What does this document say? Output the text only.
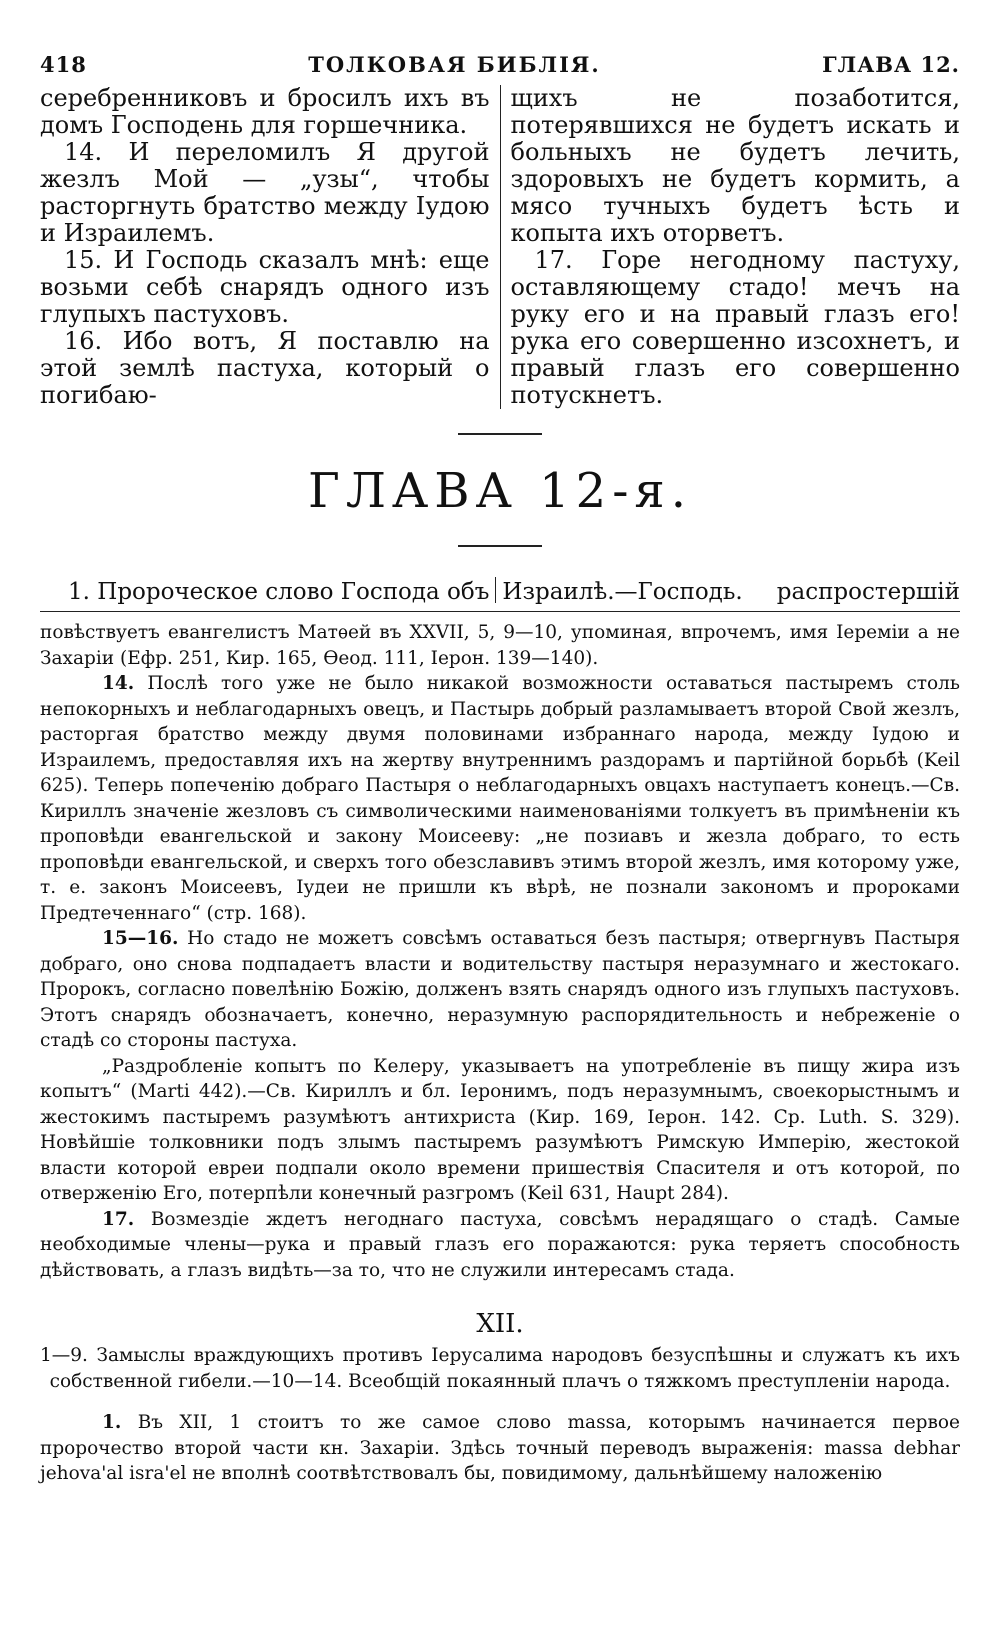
418	ТОЛКОВАЯ БИБЛІЯ.	ГЛАВА 12.

серебренниковъ и бросилъ ихъ въ домъ Господень для горшечника.

14. И переломилъ Я другой жезлъ Мой — „узы“, чтобы расторгнуть братство между Іудою и Израилемъ.

15. И Господь сказалъ мнѣ: еще возьми себѣ снарядъ одного изъ глупыхъ пастуховъ.

16. Ибо вотъ, Я поставлю на этой землѣ пастуха, который о погибаю-

щихъ не позаботится, потерявшихся не будетъ искать и больныхъ не будетъ лечить, здоровыхъ не будетъ кормить, а мясо тучныхъ будетъ ѣсть и копыта ихъ оторветъ.

17. Горе негодному пастуху, оставляющему стадо! мечъ на руку его и на правый глазъ его! рука его совершенно изсохнетъ, и правый глазъ его совершенно потускнетъ.

ГЛАВА 12-я.
1. Пророческое слово Господа объ Израилѣ.—Господь. распростершій

повѣствуетъ евангелистъ Матѳей въ XXVII, 5, 9—10, упоминая, впрочемъ, имя Іереміи а не Захаріи (Ефр. 251, Кир. 165, Ѳеод. 111, Іерон. 139—140).

14. Послѣ того уже не было никакой возможности оставаться пастыремъ столь непокорныхъ и неблагодарныхъ овецъ, и Пастырь добрый разламываетъ второй Свой жезлъ, расторгая братство между двумя половинами избраннаго народа, между Іудою и Израилемъ, предоставляя ихъ на жертву внутреннимъ раздорамъ и партійной борьбѣ (Keil 625). Теперь попеченію добраго Пастыря о неблагодарныхъ овцахъ наступаетъ конецъ.—Св. Кириллъ значеніе жезловъ съ символическими наименованіями толкуетъ въ примѣненіи къ проповѣди евангельской и закону Моисееву: „не позиавъ и жезла добраго, то есть проповѣди евангельской, и сверхъ того обезславивъ этимъ второй жезлъ, имя которому уже, т. е. законъ Моисеевъ, Іудеи не пришли къ вѣрѣ, не познали закономъ и пророками Предтеченнаго“ (стр. 168).

15—16. Но стадо не можетъ совсѣмъ оставаться безъ пастыря; отвергнувъ Пастыря добраго, оно снова подпадаетъ власти и водительству пастыря неразумнаго и жестокаго. Пророкъ, согласно повелѣнію Божію, долженъ взять снарядъ одного изъ глупыхъ пастуховъ. Этотъ снарядъ обозначаетъ, конечно, неразумную распорядительность и небреженіе о стадѣ со стороны пастуха.

„Раздробленіе копытъ по Келеру, указываетъ на употребленіе въ пищу жира изъ копытъ“ (Marti 442).—Св. Кириллъ и бл. Іеронимъ, подъ неразумнымъ, своекорыстнымъ и жестокимъ пастыремъ разумѣютъ антихриста (Кир. 169, Іерон. 142. Ср. Luth. S. 329). Новѣйшіе толковники подъ злымъ пастыремъ разумѣютъ Римскую Имперію, жестокой власти которой евреи подпали около времени пришествія Спасителя и отъ которой, по отверженію Его, потерпѣли конечный разгромъ (Keil 631, Haupt 284).

17. Возмездіе ждетъ негоднаго пастуха, совсѣмъ нерадящаго о стадѣ. Самые необходимые члены—рука и правый глазъ его поражаются: рука теряетъ способность дѣйствовать, а глазъ видѣть—за то, что не служили интересамъ стада.

XII.

1—9. Замыслы враждующихъ противъ Іерусалима народовъ безуспѣшны и служатъ къ ихъ собственной гибели.—10—14. Всеобщій покаянный плачъ о тяжкомъ преступленіи народа.

1. Въ XII, 1 стоитъ то же самое слово massa, которымъ начинается первое пророчество второй части кн. Захаріи. Здѣсь точный переводъ выраженія: massa debhar jehova'al isra'el не вполнѣ соотвѣтствовалъ бы, повидимому, дальнѣйшему наложенію
